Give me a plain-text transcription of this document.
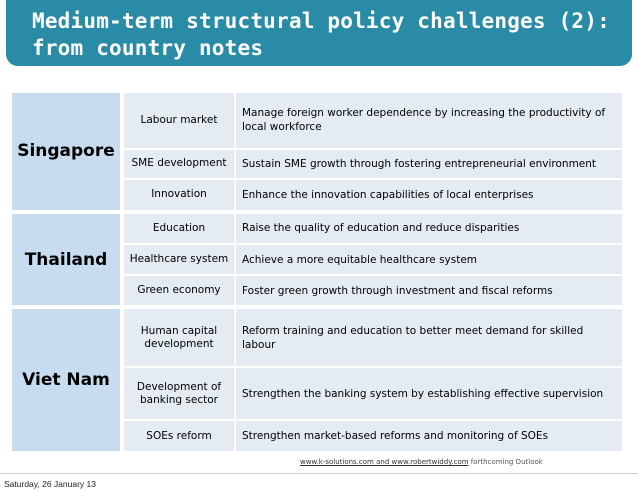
Medium-term structural policy challenges (2):
from country notes
Singapore	Labour market	Manage foreign worker dependence by increasing the productivity of local workforce
	SME development	Sustain SME growth through fostering entrepreneurial environment
	Innovation	Enhance the innovation capabilities of local enterprises
Thailand	Education	Raise the quality of education and reduce disparities
	Healthcare system	Achieve a more equitable healthcare system
	Green economy	Foster green growth through investment and fiscal reforms
Viet Nam	Human capital development	Reform training and education to better meet demand for skilled labour
	Development of banking sector	Strengthen the banking system by establishing effective supervision
	SOEs reform	Strengthen market-based reforms and monitoring of SOEs
www.k-solutions.com and www.robertwiddy.com forthcoming Outlook
Saturday, 26 January 13
